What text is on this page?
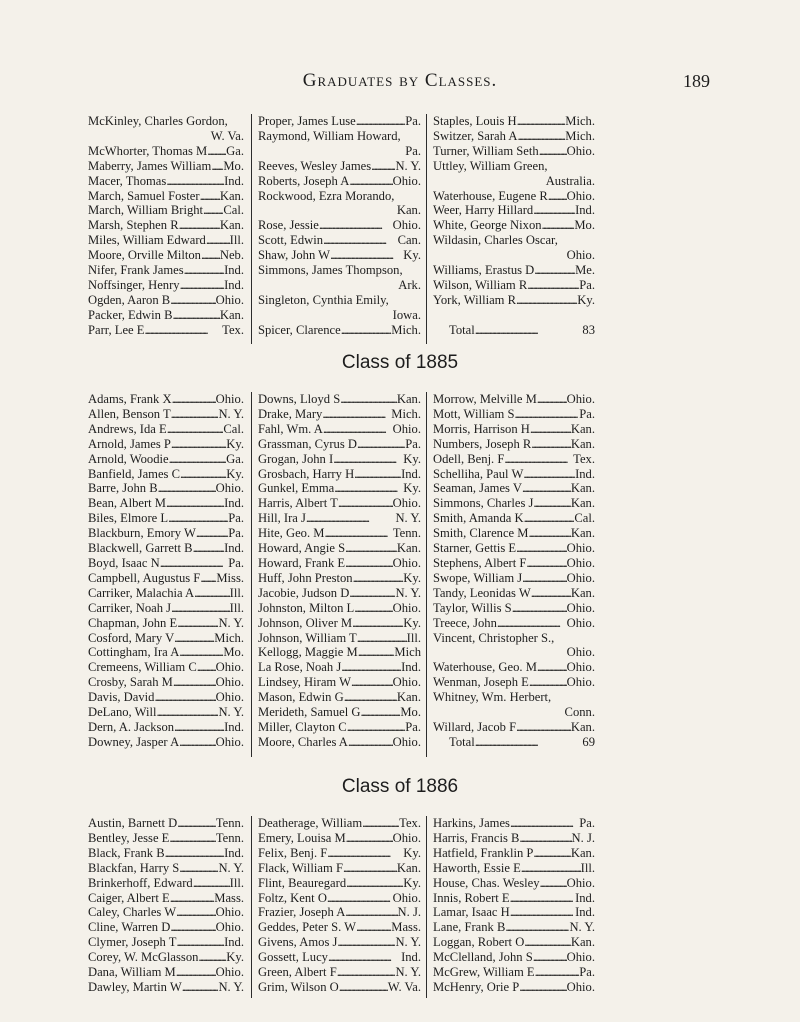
Graduates by Classes.	189
McKinley, Charles Gordon,
W. Va.
McWhorter, Thomas M . . . Ga.
Maberry, James William . . . Mo.
Macer, Thomas . . .	Ind.
March, Samuel Foster . . . Kan.
March, William Bright . . . Cal.
Marsh, Stephen R . . .	Kan.
Miles, William Edward . . . Ill.
Moore, Orville Milton . . . Neb.
Nifer, Frank James . . .	Ind.
Noffsinger, Henry . . .	Ind.
Ogden, Aaron B . . .	Ohio.
Packer, Edwin B . . .	Kan.
Parr, Lee E . . .	Tex.
Proper, James Luse . . .	Pa.
Raymond, William Howard,
Pa.
Reeves, Wesley James . . . N. Y.
Roberts, Joseph A . . .	Ohio.
Rockwood, Ezra Morando,
Kan.
Rose, Jessie . . .	Ohio.
Scott, Edwin . . .	Can.
Shaw, John W . . .	Ky.
Simmons, James Thompson,
Ark.
Singleton, Cynthia Emily,
Iowa.
Spicer, Clarence . . .	Mich.
Staples, Louis H . . .	Mich.
Switzer, Sarah A . . .	Mich.
Turner, William Seth . . . Ohio.
Uttley, William Green,
Australia.
Waterhouse, Eugene R . . . Ohio.
Weer, Harry Hillard . . .	Ind.
White, George Nixon . . .	Mo.
Wildasin, Charles Oscar,
Ohio.
Williams, Erastus D . . .	Me.
Wilson, William R . . .	Pa.
York, William R . . .	Ky.

Total . . .	83
Class of 1885
Adams, Frank X . . .	Ohio.
Allen, Benson T . . .	N. Y.
Andrews, Ida E . . .	Cal.
Arnold, James P . . .	Ky.
Arnold, Woodie . . .	Ga.
Banfield, James C . . .	Ky.
Barre, John B . . .	Ohio.
Bean, Albert M . . .	Ind.
Biles, Elmore L . . .	Pa.
Blackburn, Emory W . . .	Pa.
Blackwell, Garrett B . . . Ind.
Boyd, Isaac N . . .	Pa.
Campbell, Augustus F . . . Miss.
Carriker, Malachia A . . .	Ill.
Carriker, Noah J . . .	Ill.
Chapman, John E . . .	N. Y.
Cosford, Mary V . . .	Mich.
Cottingham, Ira A . . .	Mo.
Cremeens, William C . . . Ohio.
Crosby, Sarah M . . .	Ohio.
Davis, David . . .	Ohio.
DeLano, Will . . .	N. Y.
Dern, A. Jackson . . .	Ind.
Downey, Jasper A . . .	Ohio.
Downs, Lloyd S . . .	Kan.
Drake, Mary . . .	Mich.
Fahl, Wm. A . . .	Ohio.
Grassman, Cyrus D . . .	Pa.
Grogan, John I . . .	Ky.
Grosbach, Harry H . . .	Ind.
Gunkel, Emma . . .	Ky.
Harris, Albert T . . .	Ohio.
Hill, Ira J . . .	N. Y.
Hite, Geo. M . . .	Tenn.
Howard, Angie S . . .	Kan.
Howard, Frank E . . .	Ohio.
Huff, John Preston . . .	Ky.
Jacobie, Judson D . . .	N. Y.
Johnston, Milton L . . .	Ohio.
Johnson, Oliver M . . .	Ky.
Johnson, William T . . .	Ill.
Kellogg, Maggie M . . .	Mich
La Rose, Noah J . . .	Ind.
Lindsey, Hiram W . . .	Ohio.
Mason, Edwin G . . .	Kan.
Merideth, Samuel G . . .	Mo.
Miller, Clayton C . . .	Pa.
Moore, Charles A . . .	Ohio.
Morrow, Melville M . . . Ohio.
Mott, William S . . .	Pa.
Morris, Harrison H . . .	Kan.
Numbers, Joseph R . . .	Kan.
Odell, Benj. F . . .	Tex.
Schelliha, Paul W . . .	Ind.
Seaman, James V . . .	Kan.
Simmons, Charles J . . .	Kan.
Smith, Amanda K . . .	Cal.
Smith, Clarence M . . .	Kan.
Starner, Gettis E . . .	Ohio.
Stephens, Albert F . . .	Ohio.
Swope, William J . . .	Ohio.
Tandy, Leonidas W . . .	Kan.
Taylor, Willis S . . .	Ohio.
Treece, John . . .	Ohio.
Vincent, Christopher S.,
Ohio.
Waterhouse, Geo. M . . . Ohio.
Wenman, Joseph E . . .	Ohio.
Whitney, Wm. Herbert,
Conn.
Willard, Jacob F . . .	Kan.
Total . . .	69
Class of 1886
Austin, Barnett D . . .	Tenn.
Bentley, Jesse E . . .	Tenn.
Black, Frank B . . .	Ind.
Blackfan, Harry S . . .	N. Y.
Brinkerhoff, Edward . . .	Ill.
Caiger, Albert E . . .	Mass.
Caley, Charles W . . .	Ohio.
Cline, Warren D . . .	Ohio.
Clymer, Joseph T . . .	Ind.
Corey, W. McGlasson . . . Ky.
Dana, William M . . .	Ohio.
Dawley, Martin W . . .	N. Y.
Deatherage, William . . .	Tex.
Emery, Louisa M . . .	Ohio.
Felix, Benj. F . . .	Ky.
Flack, William F . . .	Kan.
Flint, Beauregard . . .	Ky.
Foltz, Kent O . . .	Ohio.
Frazier, Joseph A . . .	N. J.
Geddes, Peter S. W . . .	Mass.
Givens, Amos J . . .	N. Y.
Gossett, Lucy . . .	Ind.
Green, Albert F . . .	N. Y.
Grim, Wilson O . . .	W. Va.
Harkins, James . . .	Pa.
Harris, Francis B . . .	N. J.
Hatfield, Franklin P . . .	Kan.
Haworth, Essie E . . .	Ill.
House, Chas. Wesley . . . Ohio.
Innis, Robert E . . .	Ind.
Lamar, Isaac H . . .	Ind.
Lane, Frank B . . .	N. Y.
Loggan, Robert O . . .	Kan.
McClelland, John S . . .	Ohio.
McGrew, William E . . .	Pa.
McHenry, Orie P . . .	Ohio.
